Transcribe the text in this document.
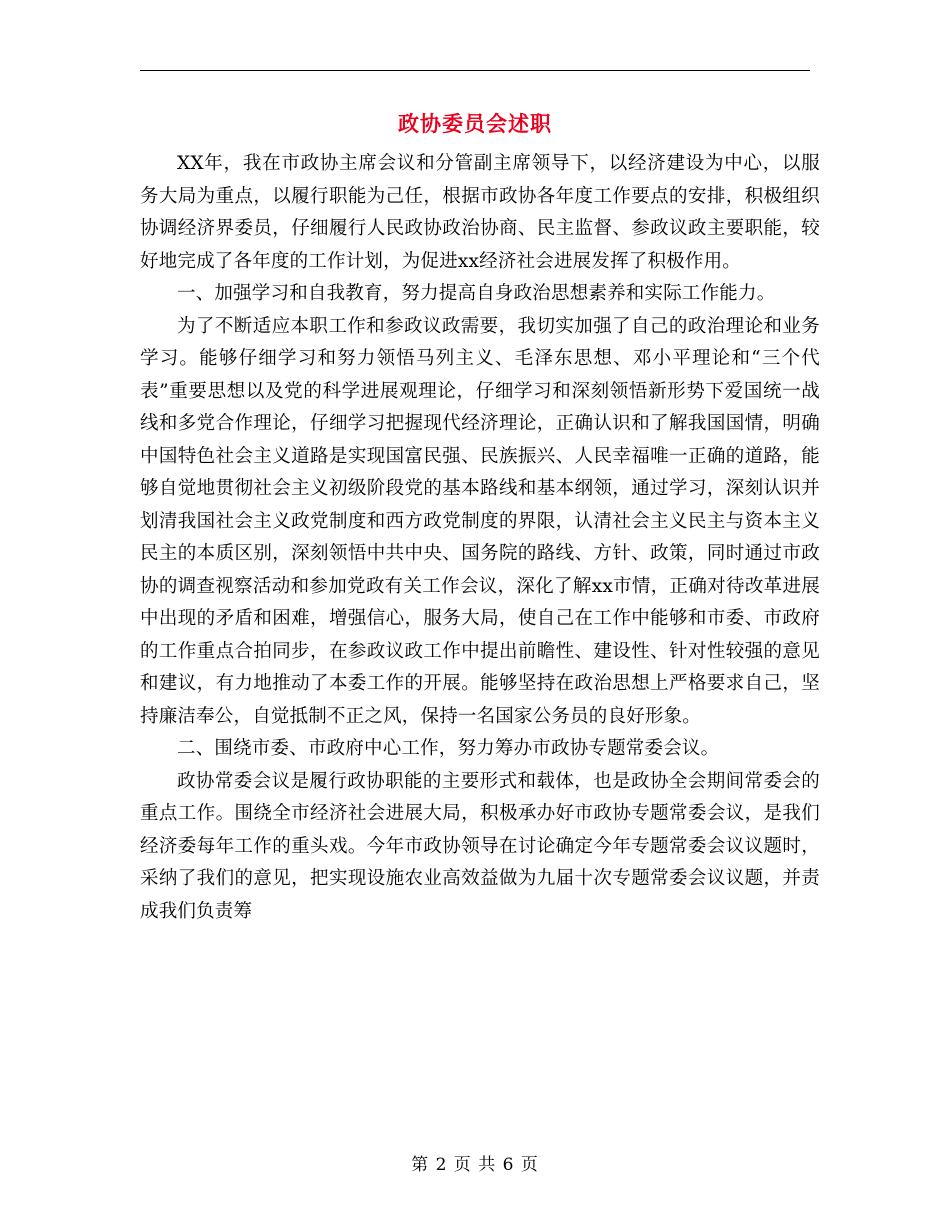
政协委员会述职

XX年，我在市政协主席会议和分管副主席领导下，以经济建设为中心，以服务大局为重点，以履行职能为己任，根据市政协各年度工作要点的安排，积极组织协调经济界委员，仔细履行人民政协政治协商、民主监督、参政议政主要职能，较好地完成了各年度的工作计划，为促进xx经济社会进展发挥了积极作用。

一、加强学习和自我教育，努力提高自身政治思想素养和实际工作能力。

为了不断适应本职工作和参政议政需要，我切实加强了自己的政治理论和业务学习。能够仔细学习和努力领悟马列主义、毛泽东思想、邓小平理论和“三个代表”重要思想以及党的科学进展观理论，仔细学习和深刻领悟新形势下爱国统一战线和多党合作理论，仔细学习把握现代经济理论，正确认识和了解我国国情，明确中国特色社会主义道路是实现国富民强、民族振兴、人民幸福唯一正确的道路，能够自觉地贯彻社会主义初级阶段党的基本路线和基本纲领，通过学习，深刻认识并划清我国社会主义政党制度和西方政党制度的界限，认清社会主义民主与资本主义民主的本质区别，深刻领悟中共中央、国务院的路线、方针、政策，同时通过市政协的调查视察活动和参加党政有关工作会议，深化了解xx市情，正确对待改革进展中出现的矛盾和困难，增强信心，服务大局，使自己在工作中能够和市委、市政府的工作重点合拍同步，在参政议政工作中提出前瞻性、建设性、针对性较强的意见和建议，有力地推动了本委工作的开展。能够坚持在政治思想上严格要求自己，坚持廉洁奉公，自觉抵制不正之风，保持一名国家公务员的良好形象。

二、围绕市委、市政府中心工作，努力筹办市政协专题常委会议。

政协常委会议是履行政协职能的主要形式和载体，也是政协全会期间常委会的重点工作。围绕全市经济社会进展大局，积极承办好市政协专题常委会议，是我们经济委每年工作的重头戏。今年市政协领导在讨论确定今年专题常委会议议题时，采纳了我们的意见，把实现设施农业高效益做为九届十次专题常委会议议题，并责成我们负责筹

第 2 页 共 6 页
